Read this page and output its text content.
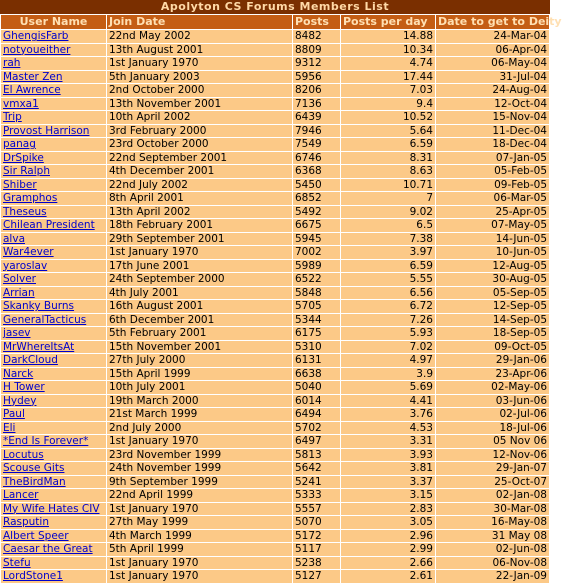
Apolyton CS Forums Members List
User Name	Join Date	Posts	Posts per day	Date to get to Deity
GhengisFarb	22nd May 2002	8482	14.88	24-Mar-04
notyoueither	13th August 2001	8809	10.34	06-Apr-04
rah	1st January 1970	9312	4.74	06-May-04
Master Zen	5th January 2003	5956	17.44	31-Jul-04
El Awrence	2nd October 2000	8206	7.03	24-Aug-04
vmxa1	13th November 2001	7136	9.4	12-Oct-04
Trip	10th April 2002	6439	10.52	15-Nov-04
Provost Harrison	3rd February 2000	7946	5.64	11-Dec-04
panag	23rd October 2000	7549	6.59	18-Dec-04
DrSpike	22nd September 2001	6746	8.31	07-Jan-05
Sir Ralph	4th December 2001	6368	8.63	05-Feb-05
Shiber	22nd July 2002	5450	10.71	09-Feb-05
Gramphos	8th April 2001	6852	7	06-Mar-05
Theseus	13th April 2002	5492	9.02	25-Apr-05
Chilean President	18th February 2001	6675	6.5	07-May-05
alva	29th September 2001	5945	7.38	14-Jun-05
War4ever	1st January 1970	7002	3.97	10-Jun-05
yaroslav	17th June 2001	5989	6.59	12-Aug-05
Solver	24th September 2000	6522	5.55	30-Aug-05
Arrian	4th July 2001	5848	6.56	05-Sep-05
Skanky Burns	16th August 2001	5705	6.72	12-Sep-05
GeneralTacticus	6th December 2001	5344	7.26	14-Sep-05
jasev	5th February 2001	6175	5.93	18-Sep-05
MrWhereItsAt	15th November 2001	5310	7.02	09-Oct-05
DarkCloud	27th July 2000	6131	4.97	29-Jan-06
Narck	15th April 1999	6638	3.9	23-Apr-06
H Tower	10th July 2001	5040	5.69	02-May-06
Hydey	19th March 2000	6014	4.41	03-Jun-06
Paul	21st March 1999	6494	3.76	02-Jul-06
Eli	2nd July 2000	5702	4.53	18-Jul-06
*End Is Forever*	1st January 1970	6497	3.31	05 Nov 06
Locutus	23rd November 1999	5813	3.93	12-Nov-06
Scouse Gits	24th November 1999	5642	3.81	29-Jan-07
TheBirdMan	9th September 1999	5241	3.37	25-Oct-07
Lancer	22nd April 1999	5333	3.15	02-Jan-08
My Wife Hates CIV	1st January 1970	5557	2.83	30-Mar-08
Rasputin	27th May 1999	5070	3.05	16-May-08
Albert Speer	4th March 1999	5172	2.96	31 May 08
Caesar the Great	5th April 1999	5117	2.99	02-Jun-08
Stefu	1st January 1970	5238	2.66	06-Nov-08
LordStone1	1st January 1970	5127	2.61	22-Jan-09
